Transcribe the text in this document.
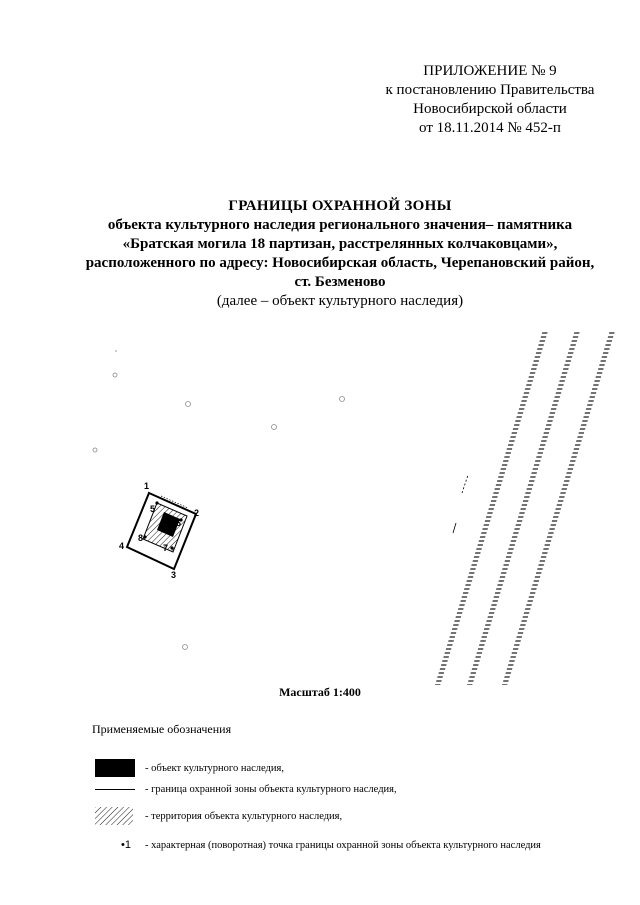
ПРИЛОЖЕНИЕ № 9
к постановлению Правительства
Новосибирской области
от 18.11.2014 № 452-п
ГРАНИЦЫ ОХРАННОЙ ЗОНЫ
объекта культурного наследия регионального значения– памятника
«Братская могила 18 партизан, расстрелянных колчаковцами»,
расположенного по адресу: Новосибирская область, Черепановский район,
ст. Безменово
(далее – объект культурного наследия)
1
2
3
4
5
6
7
8
Масштаб 1:400
Применяемые обозначения
- объект культурного наследия,
- граница охранной зоны объекта культурного наследия,
- территория объекта культурного наследия,
•1	- характерная (поворотная) точка границы охранной зоны объекта культурного наследия
